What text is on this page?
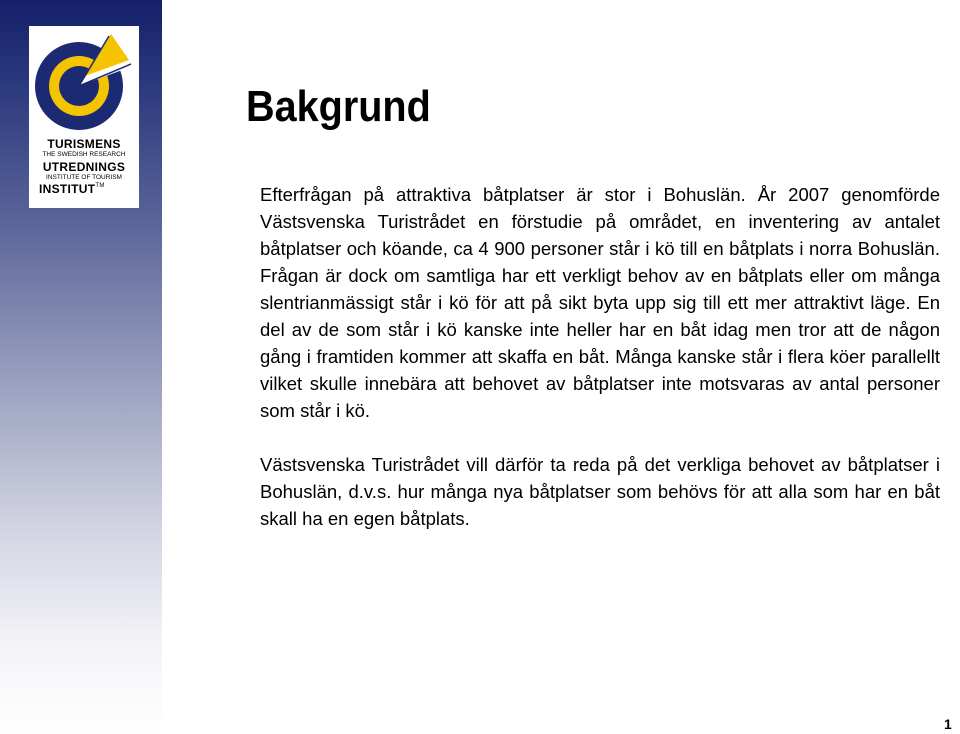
TURISMENS
THE SWEDISH RESEARCH
UTREDNINGS
INSTITUTE OF TOURISM
INSTITUT™
Bakgrund

Efterfrågan på attraktiva båtplatser är stor i Bohuslän. År 2007 genomförde Västsvenska Turistrådet en förstudie på området, en inventering av antalet båtplatser och köande, ca 4 900 personer står i kö till en båtplats i norra Bohuslän. Frågan är dock om samtliga har ett verkligt behov av en båtplats eller om många slentrianmässigt står i kö för att på sikt byta upp sig till ett mer attraktivt läge. En del av de som står i kö kanske inte heller har en båt idag men tror att de någon gång i framtiden kommer att skaffa en båt. Många kanske står i flera köer parallellt vilket skulle innebära att behovet av båtplatser inte motsvaras av antal personer som står i kö.

Västsvenska Turistrådet vill därför ta reda på det verkliga behovet av båtplatser i Bohuslän, d.v.s. hur många nya båtplatser som behövs för att alla som har en båt skall ha en egen båtplats.

1
